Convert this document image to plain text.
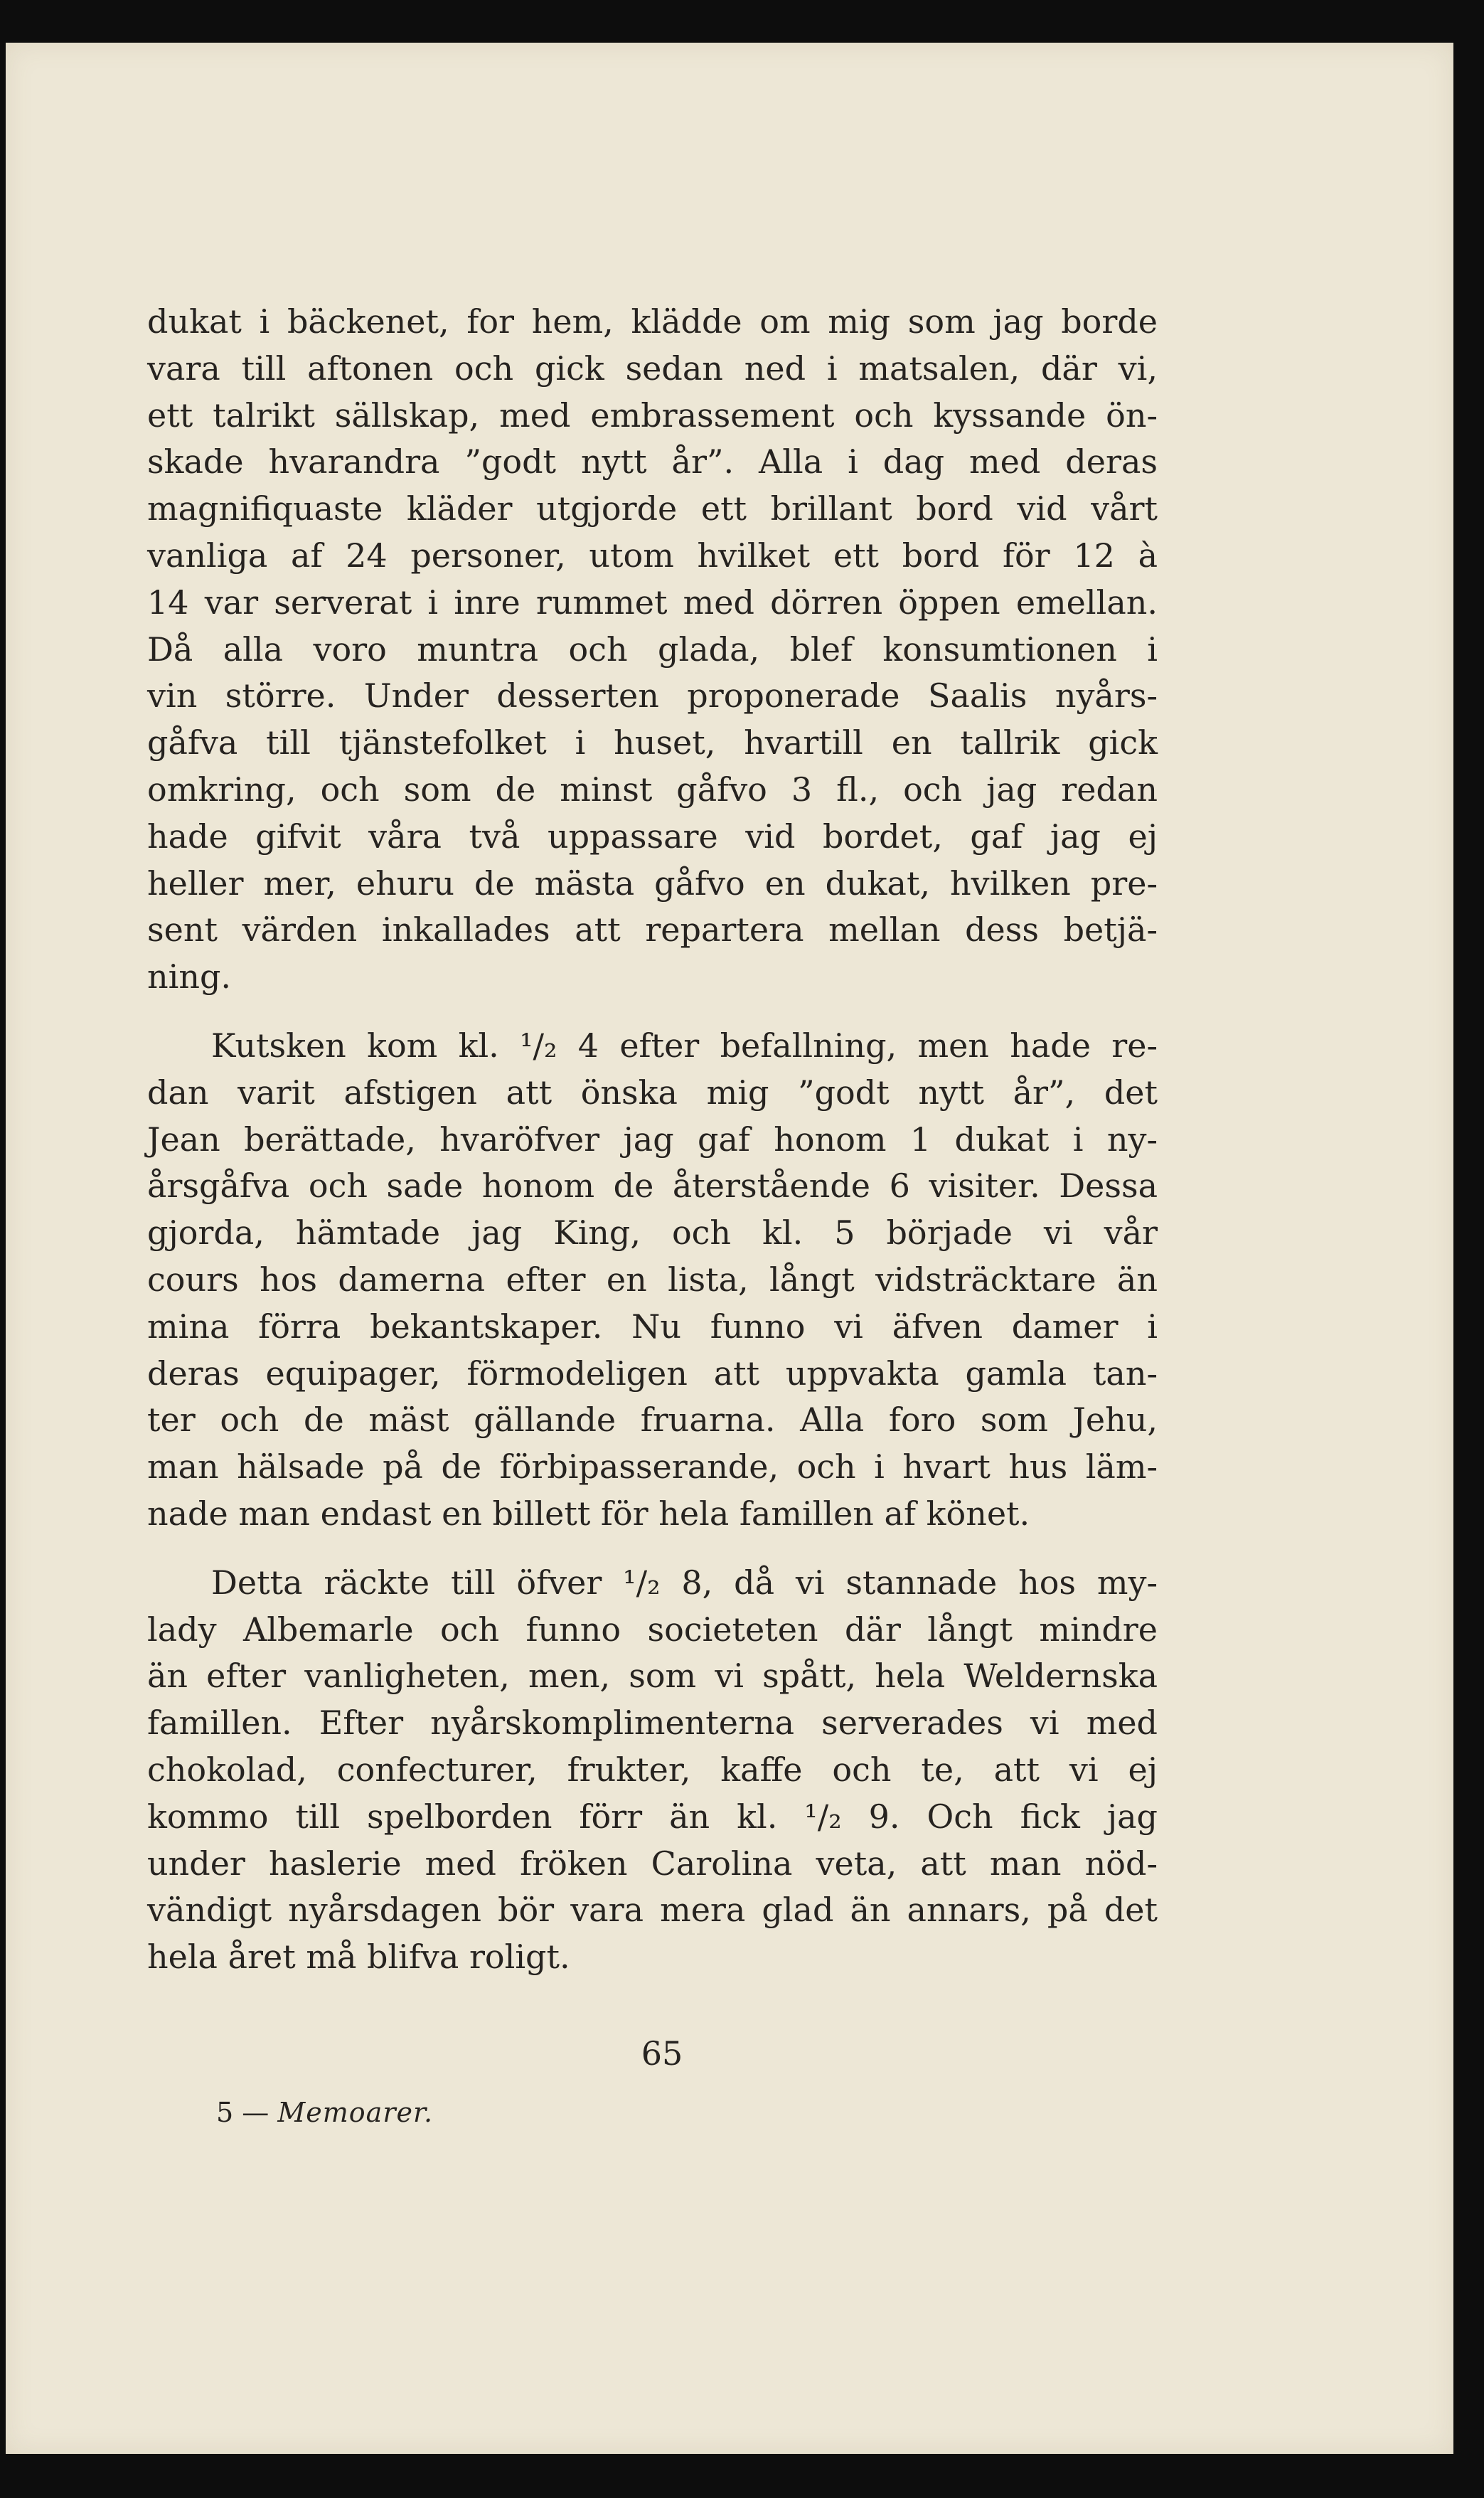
dukat i bäckenet, for hem, klädde om mig som jag borde
vara till aftonen och gick sedan ned i matsalen, där vi,
ett talrikt sällskap, med embrassement och kyssande ön-
skade hvarandra ”godt nytt år”. Alla i dag med deras
magnifiquaste kläder utgjorde ett brillant bord vid vårt
vanliga af 24 personer, utom hvilket ett bord för 12 à
14 var serverat i inre rummet med dörren öppen emellan.
Då alla voro muntra och glada, blef konsumtionen i
vin större. Under desserten proponerade Saalis nyårs-
gåfva till tjänstefolket i huset, hvartill en tallrik gick
omkring, och som de minst gåfvo 3 fl., och jag redan
hade gifvit våra två uppassare vid bordet, gaf jag ej
heller mer, ehuru de mästa gåfvo en dukat, hvilken pre-
sent värden inkallades att repartera mellan dess betjä-
ning.
Kutsken kom kl. ¹/₂ 4 efter befallning, men hade re-
dan varit afstigen att önska mig ”godt nytt år”, det
Jean berättade, hvaröfver jag gaf honom 1 dukat i ny-
årsgåfva och sade honom de återstående 6 visiter. Dessa
gjorda, hämtade jag King, och kl. 5 började vi vår
cours hos damerna efter en lista, långt vidsträcktare än
mina förra bekantskaper. Nu funno vi äfven damer i
deras equipager, förmodeligen att uppvakta gamla tan-
ter och de mäst gällande fruarna. Alla foro som Jehu,
man hälsade på de förbipasserande, och i hvart hus läm-
nade man endast en billett för hela famillen af könet.
Detta räckte till öfver ¹/₂ 8, då vi stannade hos my-
lady Albemarle och funno societeten där långt mindre
än efter vanligheten, men, som vi spått, hela Weldernska
famillen. Efter nyårskomplimenterna serverades vi med
chokolad, confecturer, frukter, kaffe och te, att vi ej
kommo till spelborden förr än kl. ¹/₂ 9. Och fick jag
under haslerie med fröken Carolina veta, att man nöd-
vändigt nyårsdagen bör vara mera glad än annars, på det
hela året må blifva roligt.
65
5 — Memoarer.
